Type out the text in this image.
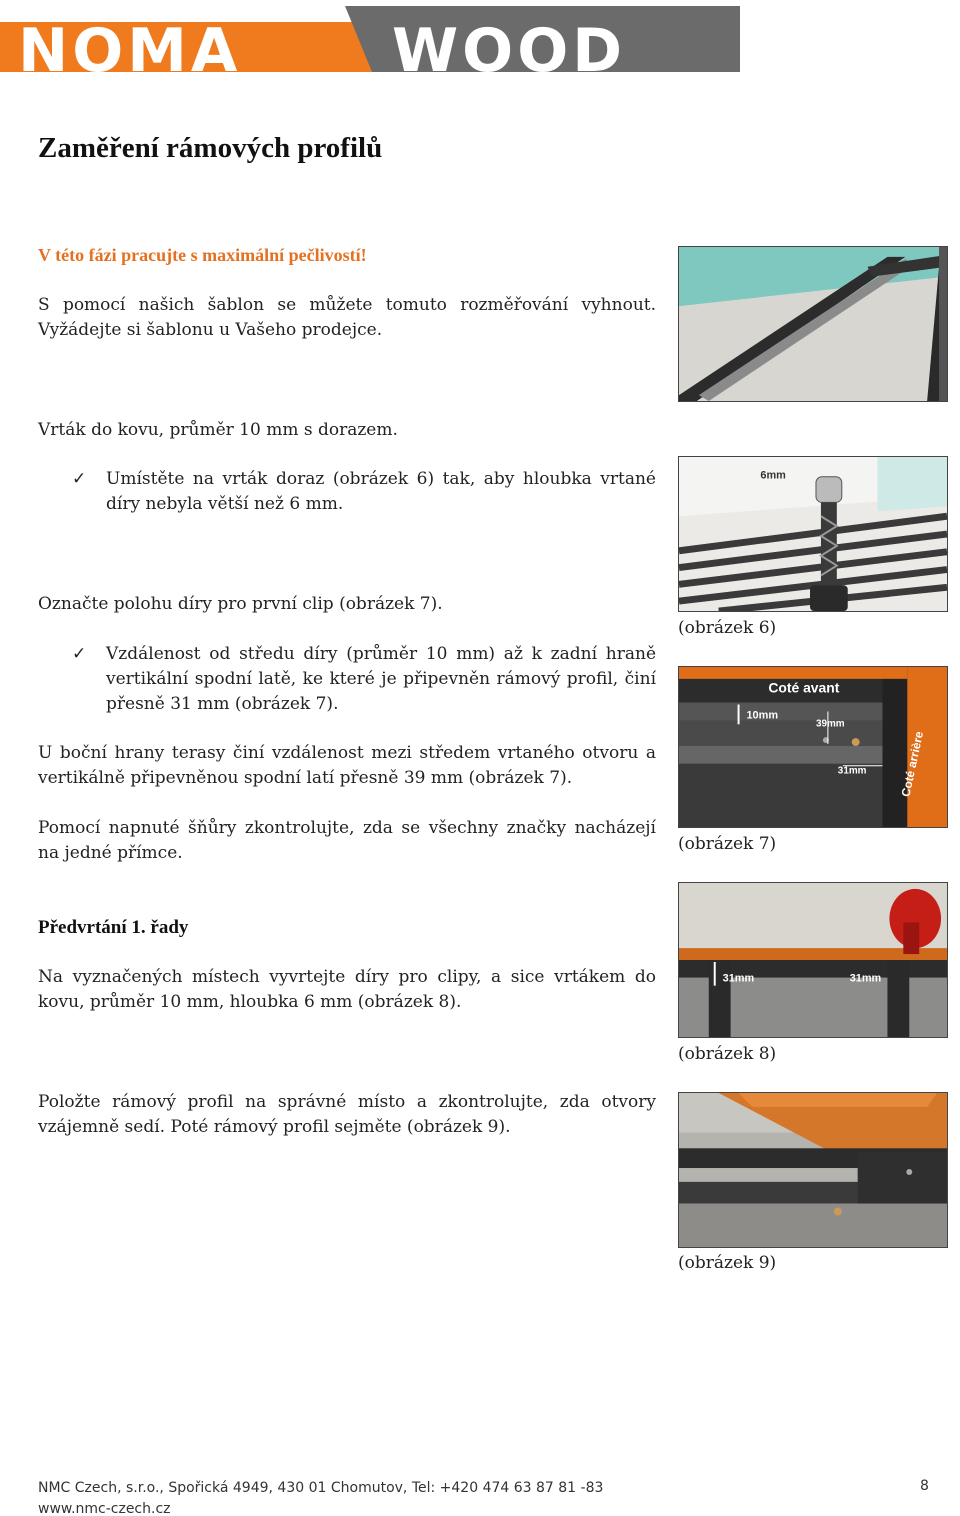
NOMA	WOOD
Zaměření rámových profilů
V této fázi pracujte s maximální pečlivostí!
S pomocí našich šablon se můžete tomuto rozměřování vyhnout. Vyžádejte si šablonu u Vašeho prodejce.
Vrták do kovu, průměr 10 mm s dorazem.
✓ Umístěte na vrták doraz (obrázek 6) tak, aby hloubka vrtané díry nebyla větší než 6 mm.
Označte polohu díry pro první clip (obrázek 7).
✓ Vzdálenost od středu díry (průměr 10 mm) až k zadní hraně vertikální spodní latě, ke které je připevněn rámový profil, činí přesně 31 mm (obrázek 7).
U boční hrany terasy činí vzdálenost mezi středem vrtaného otvoru a vertikálně připevněnou spodní latí přesně 39 mm (obrázek 7).
Pomocí napnuté šňůry zkontrolujte, zda se všechny značky nacházejí na jedné přímce.
Předvrtání 1. řady
Na vyznačených místech vyvrtejte díry pro clipy, a sice vrtákem do kovu, průměr 10 mm, hloubka 6 mm (obrázek 8).
Položte rámový profil na správné místo a zkontrolujte, zda otvory vzájemně sedí. Poté rámový profil sejměte (obrázek 9).
6mm
(obrázek 6)
Coté avant
10mm
39mm
31mm	Coté arrière
(obrázek 7)
31mm	31mm
(obrázek 8)
(obrázek 9)
NMC Czech, s.r.o., Spořická 4949, 430 01 Chomutov, Tel: +420 474 63 87 81 -83
www.nmc-czech.cz
8
